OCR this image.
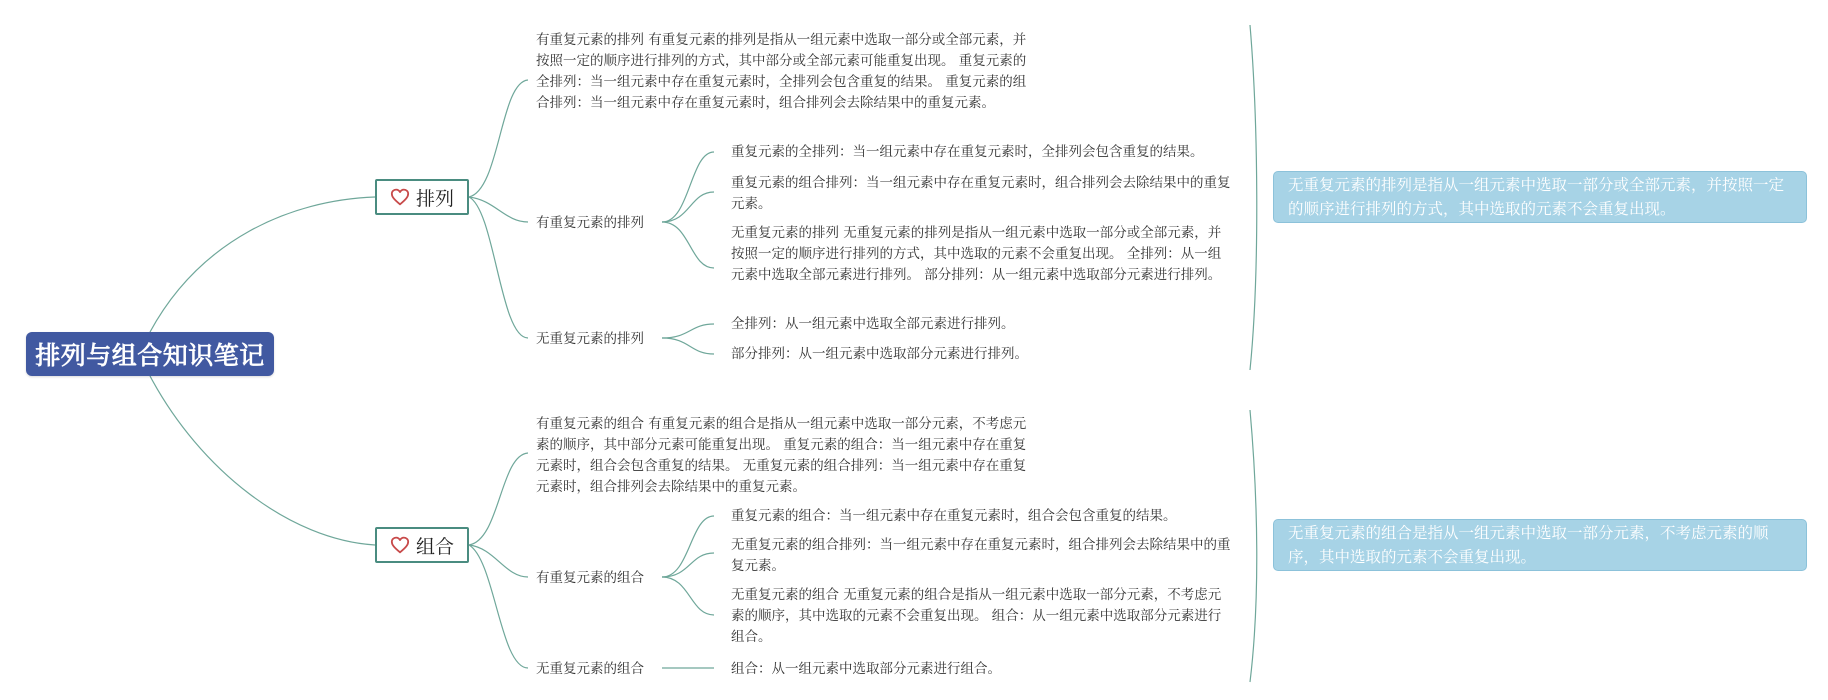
排列与组合知识笔记
排列
有重复元素的排列 有重复元素的排列是指从一组元素中选取一部分或全部元素，并按照一定的顺序进行排列的方式，其中部分或全部元素可能重复出现。 重复元素的全排列：当一组元素中存在重复元素时，全排列会包含重复的结果。 重复元素的组合排列：当一组元素中存在重复元素时，组合排列会去除结果中的重复元素。
有重复元素的排列
重复元素的全排列：当一组元素中存在重复元素时，全排列会包含重复的结果。
重复元素的组合排列：当一组元素中存在重复元素时，组合排列会去除结果中的重复元素。
无重复元素的排列 无重复元素的排列是指从一组元素中选取一部分或全部元素，并按照一定的顺序进行排列的方式，其中选取的元素不会重复出现。 全排列：从一组元素中选取全部元素进行排列。 部分排列：从一组元素中选取部分元素进行排列。
无重复元素的排列
全排列：从一组元素中选取全部元素进行排列。
部分排列：从一组元素中选取部分元素进行排列。
无重复元素的排列是指从一组元素中选取一部分或全部元素，并按照一定的顺序进行排列的方式，其中选取的元素不会重复出现。
组合
有重复元素的组合 有重复元素的组合是指从一组元素中选取一部分元素，不考虑元素的顺序，其中部分元素可能重复出现。 重复元素的组合：当一组元素中存在重复元素时，组合会包含重复的结果。 无重复元素的组合排列：当一组元素中存在重复元素时，组合排列会去除结果中的重复元素。
有重复元素的组合
重复元素的组合：当一组元素中存在重复元素时，组合会包含重复的结果。
无重复元素的组合排列：当一组元素中存在重复元素时，组合排列会去除结果中的重复元素。
无重复元素的组合 无重复元素的组合是指从一组元素中选取一部分元素，不考虑元素的顺序，其中选取的元素不会重复出现。 组合：从一组元素中选取部分元素进行组合。
无重复元素的组合	组合：从一组元素中选取部分元素进行组合。
无重复元素的组合是指从一组元素中选取一部分元素，不考虑元素的顺序，其中选取的元素不会重复出现。
